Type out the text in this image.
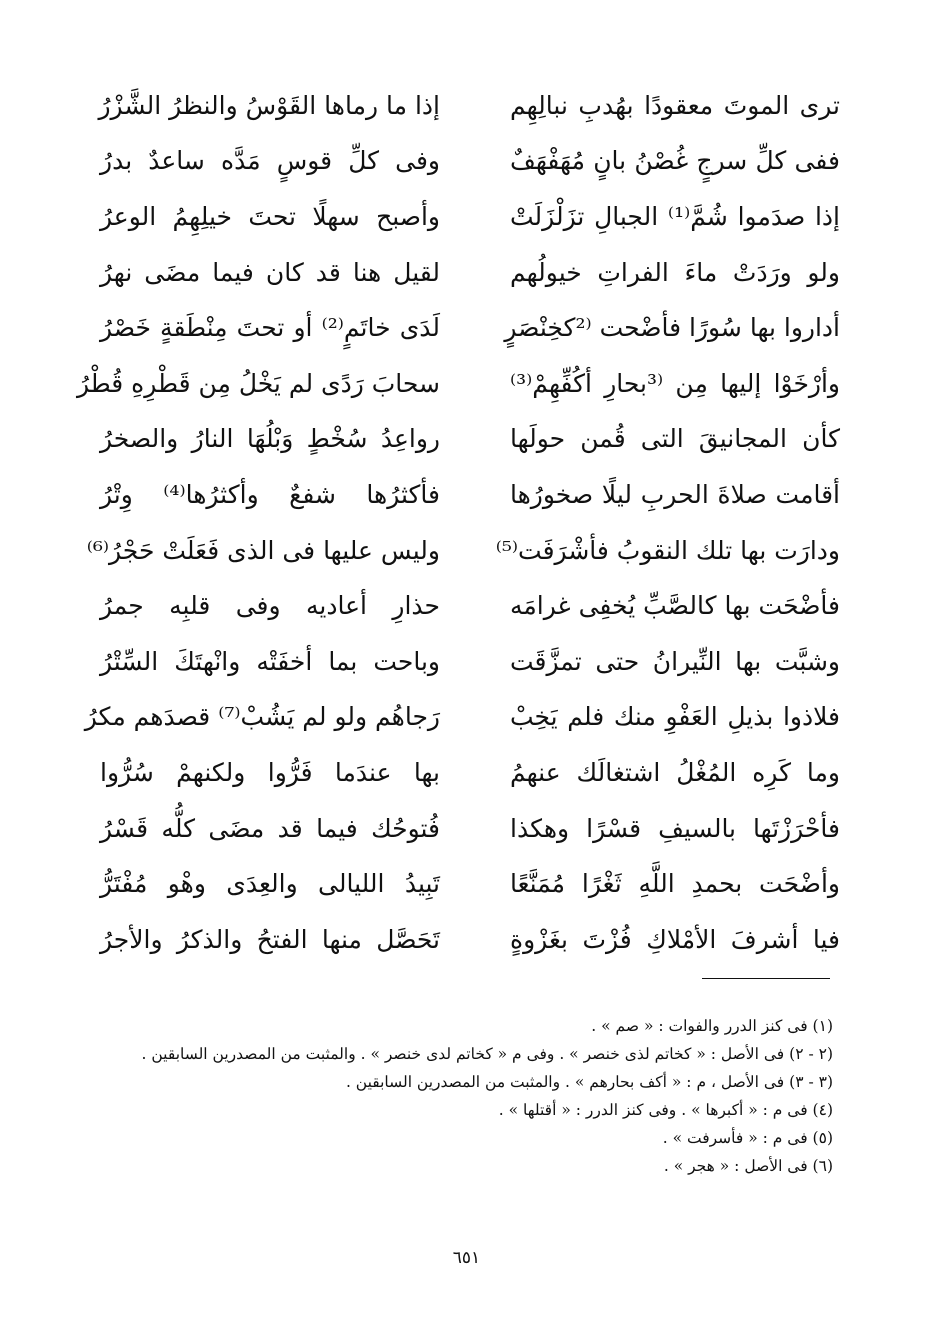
ترى الموتَ معقودًا بهُدبِ نبالِهِم
إذا ما رماها القَوْسُ والنظرُ الشَّزْرُ
ففى كلِّ سرجٍ غُصْنُ بانٍ مُهَفْهَفٌ
وفى كلِّ قوسٍ مَدَّه ساعدٌ بدرُ
إذا صدَموا شُمَّ⁽¹⁾ الجبالِ تزَلْزَلَتْ
وأصبح سهلًا تحتَ خيلِهِمُ الوعرُ
ولو ورَدَتْ ماءَ الفراتِ خيولُهم
لقيل هنا قد كان فيما مضَى نهرُ
أداروا بها سُورًا فأضْحت ⁽²كخِنْصَرٍ
لَدَى خاتَمٍ⁽²⁾ أو تحتَ مِنْطَقةٍ خَصْرُ
وأرْخَوْا إليها مِن ⁽³بحارِ أكُفِّهِمْ⁽³⁾
سحابَ رَدًى لم يَخْلُ مِن قَطْرِهِ قُطْرُ
كأن المجانيقَ التى قُمن حولَها
رواعِدُ سُخْطٍ وَبْلُهَا النارُ والصخرُ
أقامت صلاةَ الحربِ ليلًا صخورُها
فأكثرُها شفعٌ وأكثرُها⁽⁴⁾ وِتْرُ
ودارَت بها تلك النقوبُ فأشْرَفَت⁽⁵⁾
وليس عليها فى الذى فَعَلَتْ حَجْرُ⁽⁶⁾
فأضْحَت بها كالصَّبِّ يُخفِى غرامَه
حذارِ أعاديه وفى قلبِه جمرُ
وشبَّت بها النِّيرانُ حتى تمزَّقَت
وباحت بما أخفَتْه وانْهتَكَ السِّتْرُ
فلاذوا بذيلِ العَفْوِ منك فلم يَخِبْ
رَجاهُم ولو لم يَشُبْ⁽⁷⁾ قصدَهم مكرُ
وما كَرِه المُغْلُ اشتغالَك عنهمُ
بها عندَما فَرُّوا ولكنهمْ سُرُّوا
فأحْرَزْتَها بالسيفِ قسْرًا وهكذا
فُتوحُك فيما قد مضَى كلُّه قَسْرُ
وأضْحَت بحمدِ اللَّهِ ثَغْرًا مُمَنَّعًا
تَبِيدُ الليالى والعِدَى وهْو مُفْتَرُّ
فيا أشرفَ الأمْلاكِ فُزْتَ بغَزْوةٍ
تَحَصَّل منها الفتحُ والذكرُ والأجرُ
(١) فى كنز الدرر والفوات : « صم » .
(٢ - ٢) فى الأصل : « كخاتم لذى خنصر » . وفى م « كخاتم لدى خنصر » . والمثبت من المصدرين السابقين .
(٣ - ٣) فى الأصل ، م : « أكف بحارهم » . والمثبت من المصدرين السابقين .
(٤) فى م : « أكبرها » . وفى كنز الدرر : « أقتلها » .
(٥) فى م : « فأسرفت » .
(٦) فى الأصل : « هجر » .
٦٥١
